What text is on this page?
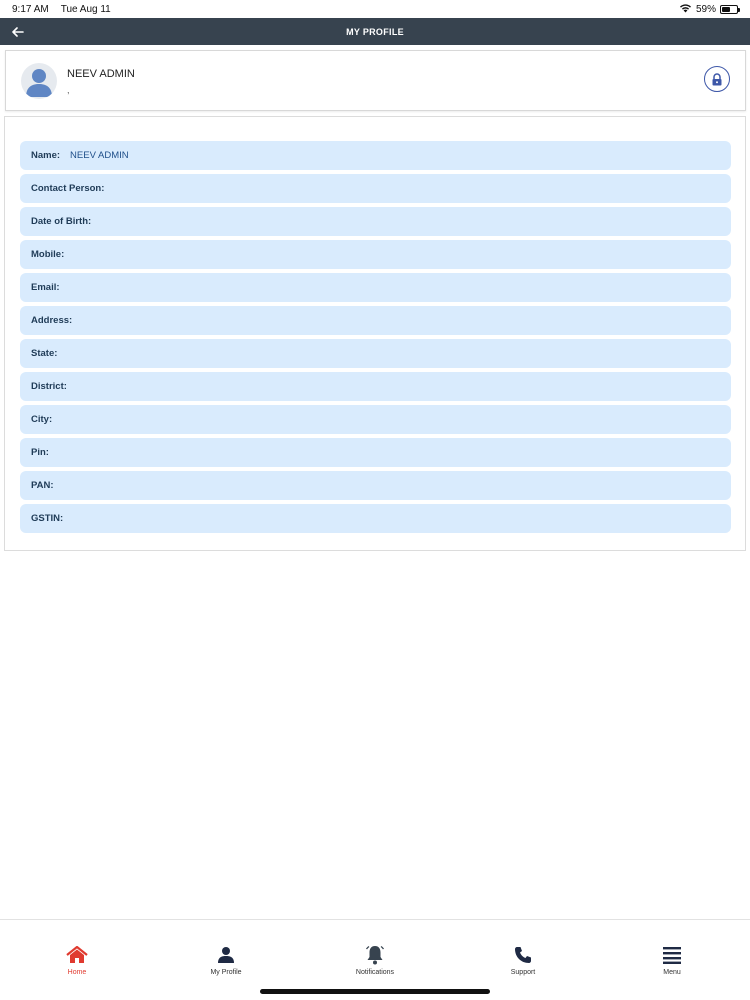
9:17 AM Tue Aug 11	59%
MY PROFILE
NEEV ADMIN
,
Name: NEEV ADMIN
Contact Person:
Date of Birth:
Mobile:
Email:
Address:
State:
District:
City:
Pin:
PAN:
GSTIN:
Home	My Profile	Notifications	Support	Menu
